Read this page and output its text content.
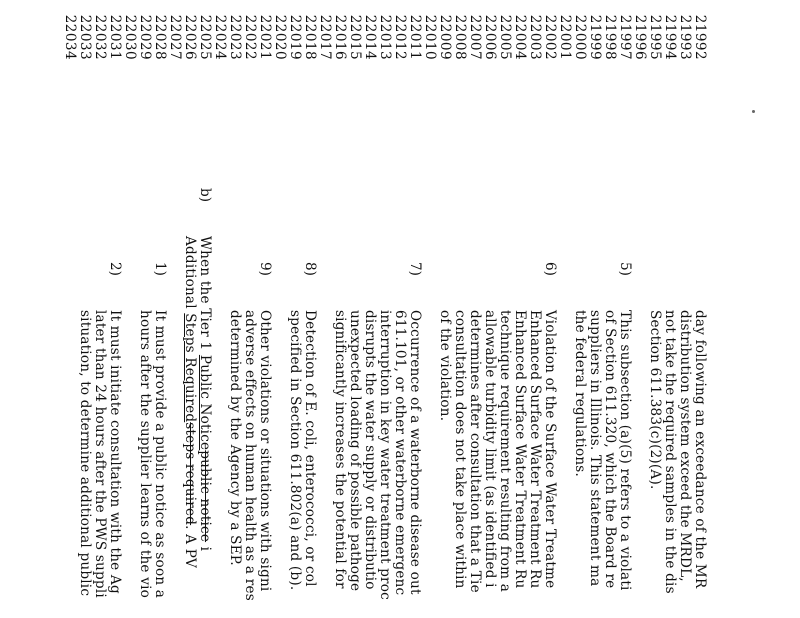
21992
21993
21994
21995
21996
21997
21998
21999
22000
22001
22002
22003
22004
22005
22006
22007
22008
22009
22010
22011
22012
22013
22014
22015
22016
22017
22018
22019
22020
22021
22022
22023
22024
22025
22026
22027
22028
22029
22030
22031
22032
22033
22034
day following an exceedance of the MR
distribution system exceed the MRDL,
not take the required samples in the dis
Section 611.383(c)(2)(A).
5)
This subsection (a)(5) refers to a violati
of Section 611.320, which the Board re
suppliers in Illinois. This statement ma
the federal regulations.
6)
Violation of the Surface Water Treatme
Enhanced Surface Water Treatment Ru
Enhanced Surface Water Treatment Ru
technique requirement resulting from a
allowable turbidity limit (as identified i
determines after consultation that a Tie
consultation does not take place within
of the violation.
7)
Occurrence of a waterborne disease out
611.101, or other waterborne emergenc
interruption in key water treatment proc
disrupts the water supply or distributio
unexpected loading of possible pathoge
significantly increases the potential for
8)
Detection of E. coli, enterococci, or col
specified in Section 611.802(a) and (b).
9)
Other violations or situations with signi
adverse effects on human health as a res
determined by the Agency by a SEP.
b)
When the Tier 1 Public Noticepublic notice i
Additional Steps Requiredsteps required. A PV
1)
It must provide a public notice as soon a
hours after the supplier learns of the vio
2)
It must initiate consultation with the Ag
later than 24 hours after the PWS suppli
situation, to determine additional public
